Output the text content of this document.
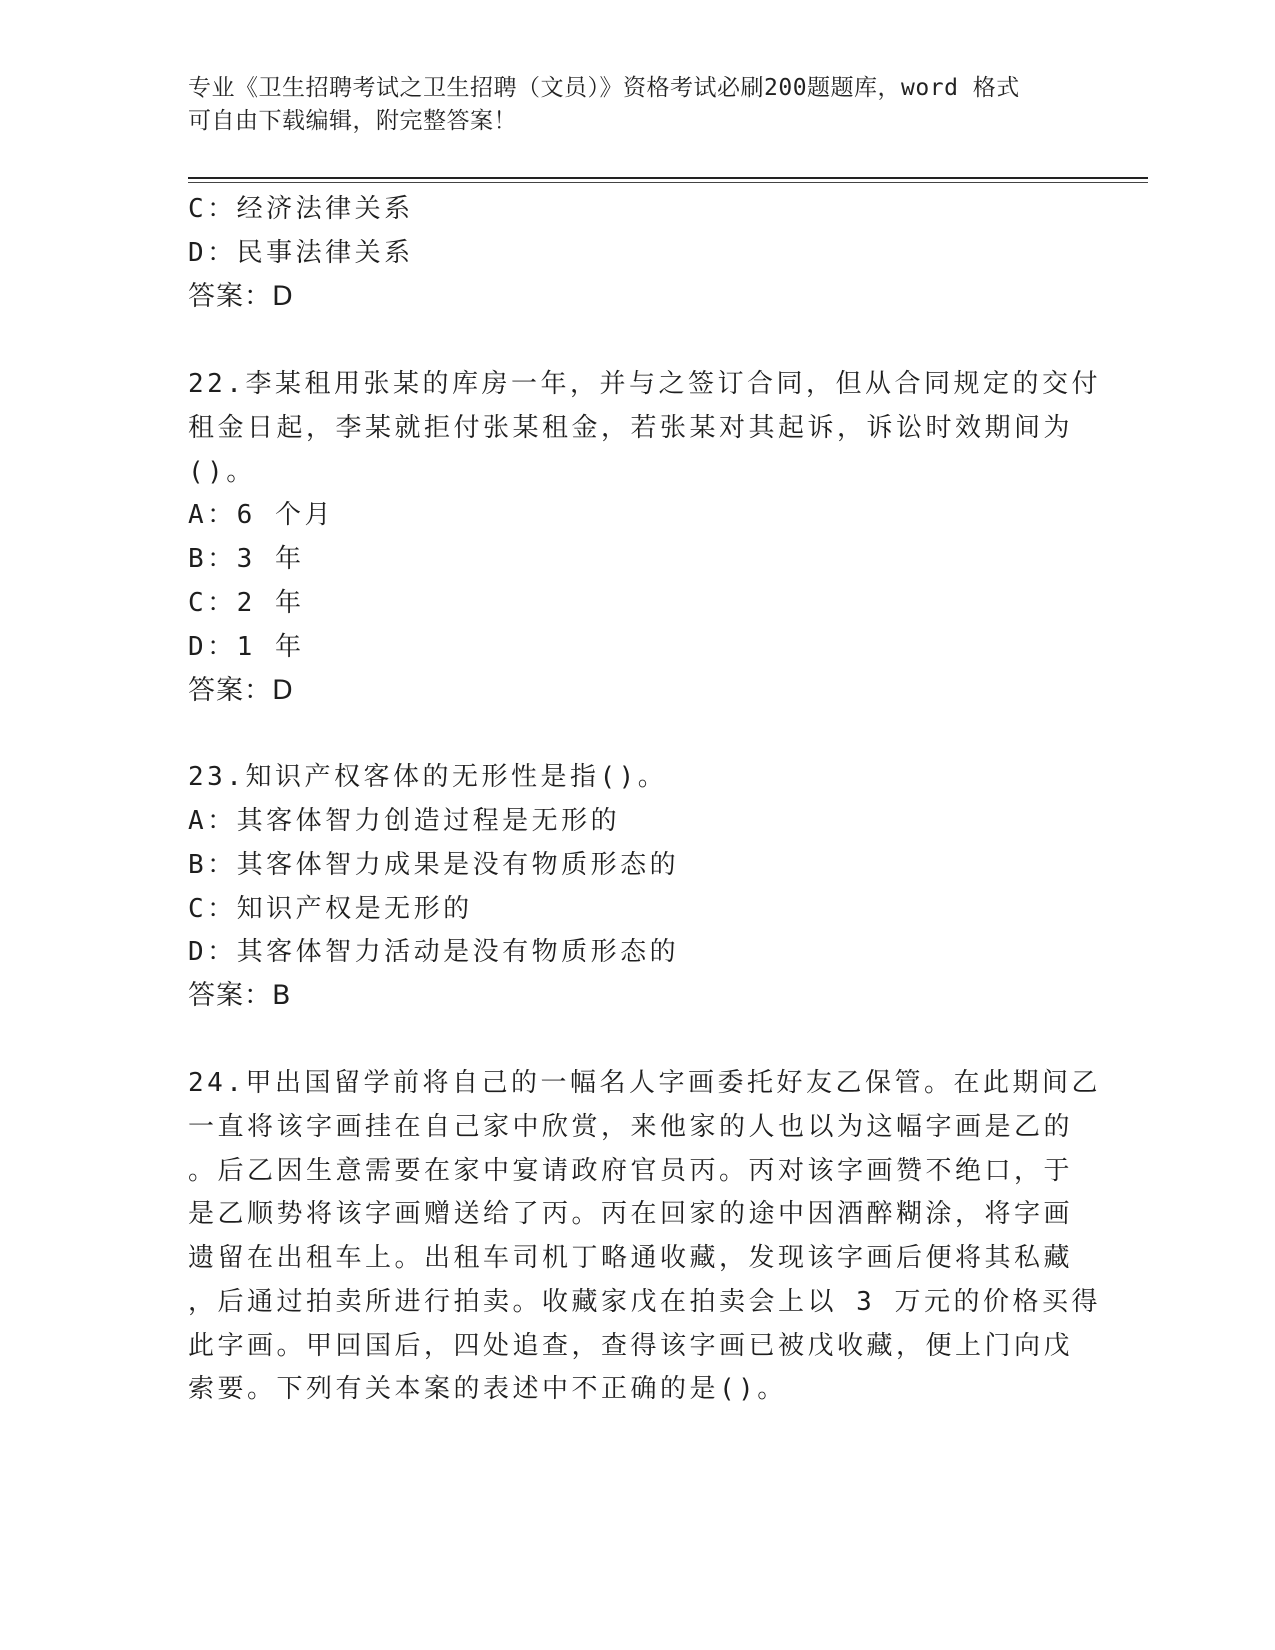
专业《卫生招聘考试之卫生招聘（文员）》资格考试必刷200题题库，word 格式
可自由下载编辑，附完整答案！
C：经济法律关系
D：民事法律关系
答案：D
22.李某租用张某的库房一年，并与之签订合同，但从合同规定的交付
租金日起，李某就拒付张某租金，若张某对其起诉，诉讼时效期间为
()。
A：6 个月
B：3 年
C：2 年
D：1 年
答案：D
23.知识产权客体的无形性是指()。
A：其客体智力创造过程是无形的
B：其客体智力成果是没有物质形态的
C：知识产权是无形的
D：其客体智力活动是没有物质形态的
答案：B
24.甲出国留学前将自己的一幅名人字画委托好友乙保管。在此期间乙
一直将该字画挂在自己家中欣赏，来他家的人也以为这幅字画是乙的
。后乙因生意需要在家中宴请政府官员丙。丙对该字画赞不绝口，于
是乙顺势将该字画赠送给了丙。丙在回家的途中因酒醉糊涂，将字画
遗留在出租车上。出租车司机丁略通收藏，发现该字画后便将其私藏
，后通过拍卖所进行拍卖。收藏家戊在拍卖会上以 3 万元的价格买得
此字画。甲回国后，四处追查，查得该字画已被戊收藏，便上门向戊
索要。下列有关本案的表述中不正确的是()。
